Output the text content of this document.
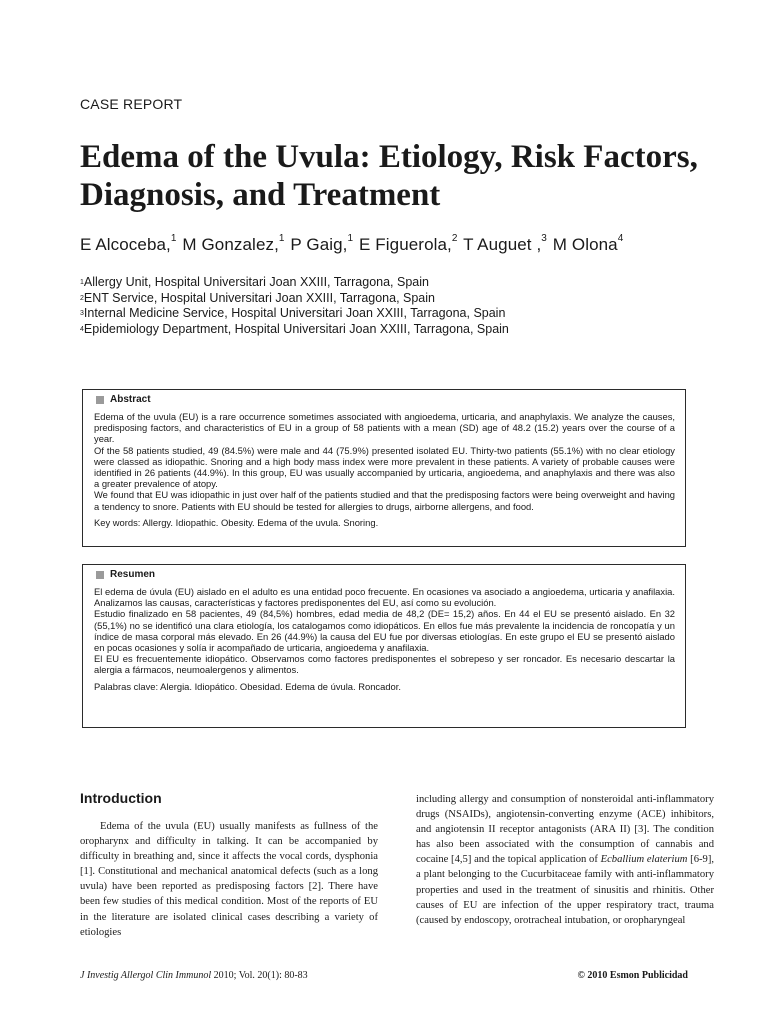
CASE REPORT
Edema of the Uvula: Etiology, Risk Factors, Diagnosis, and Treatment
E Alcoceba,$^1$ M Gonzalez,$^1$ P Gaig,$^1$ E Figuerola,$^2$ T Auguet ,$^3$ M Olona$^4$
$^1$Allergy Unit, Hospital Universitari Joan XXIII, Tarragona, Spain
$^2$ENT Service, Hospital Universitari Joan XXIII, Tarragona, Spain
$^3$Internal Medicine Service, Hospital Universitari Joan XXIII, Tarragona, Spain
$^4$Epidemiology Department, Hospital Universitari Joan XXIII, Tarragona, Spain
Abstract

Edema of the uvula (EU) is a rare occurrence sometimes associated with angioedema, urticaria, and anaphylaxis. We analyze the causes, predisposing factors, and characteristics of EU in a group of 58 patients with a mean (SD) age of 48.2 (15.2) years over the course of a year.

Of the 58 patients studied, 49 (84.5%) were male and 44 (75.9%) presented isolated EU. Thirty-two patients (55.1%) with no clear etiology were classed as idiopathic. Snoring and a high body mass index were more prevalent in these patients. A variety of probable causes were identified in 26 patients (44.9%). In this group, EU was usually accompanied by urticaria, angioedema, and anaphylaxis and there was also a greater prevalence of atopy.

We found that EU was idiopathic in just over half of the patients studied and that the predisposing factors were being overweight and having a tendency to snore. Patients with EU should be tested for allergies to drugs, airborne allergens, and food.

Key words: Allergy. Idiopathic. Obesity. Edema of the uvula. Snoring.
Resumen

El edema de úvula (EU) aislado en el adulto es una entidad poco frecuente. En ocasiones va asociado a angioedema, urticaria y anafilaxia. Analizamos las causas, características y factores predisponentes del EU, así como su evolución.

Estudio finalizado en 58 pacientes, 49 (84,5%) hombres, edad media de 48,2 (DE= 15,2) años. En 44 el EU se presentó aislado. En 32 (55,1%) no se identificó una clara etiología, los catalogamos como idiopáticos. En ellos fue más prevalente la incidencia de roncopatía y un índice de masa corporal más elevado. En 26 (44.9%) la causa del EU fue por diversas etiologías. En este grupo el EU se presentó aislado en pocas ocasiones y solía ir acompañado de urticaria, angioedema y anafilaxia.

El EU es frecuentemente idiopático. Observamos como factores predisponentes el sobrepeso y ser roncador. Es necesario descartar la alergia a fármacos, neumoalergenos y alimentos.

Palabras clave: Alergia. Idiopático. Obesidad. Edema de úvula. Roncador.
Introduction

Edema of the uvula (EU) usually manifests as fullness of the oropharynx and difficulty in talking. It can be accompanied by difficulty in breathing and, since it affects the vocal cords, dysphonia [1]. Constitutional and mechanical anatomical defects (such as a long uvula) have been reported as predisposing factors [2]. There have been few studies of this medical condition. Most of the reports of EU in the literature are isolated clinical cases describing a variety of etiologies

including allergy and consumption of nonsteroidal anti-inflammatory drugs (NSAIDs), angiotensin-converting enzyme (ACE) inhibitors, and angiotensin II receptor antagonists (ARA II) [3]. The condition has also been associated with the consumption of cannabis and cocaine [4,5] and the topical application of Ecballium elaterium [6-9], a plant belonging to the Cucurbitaceae family with anti-inflammatory properties and used in the treatment of sinusitis and rhinitis. Other causes of EU are infection of the upper respiratory tract, trauma (caused by endoscopy, orotracheal intubation, or oropharyngeal

J Investig Allergol Clin Immunol 2010; Vol. 20(1): 80-83	© 2010 Esmon Publicidad
